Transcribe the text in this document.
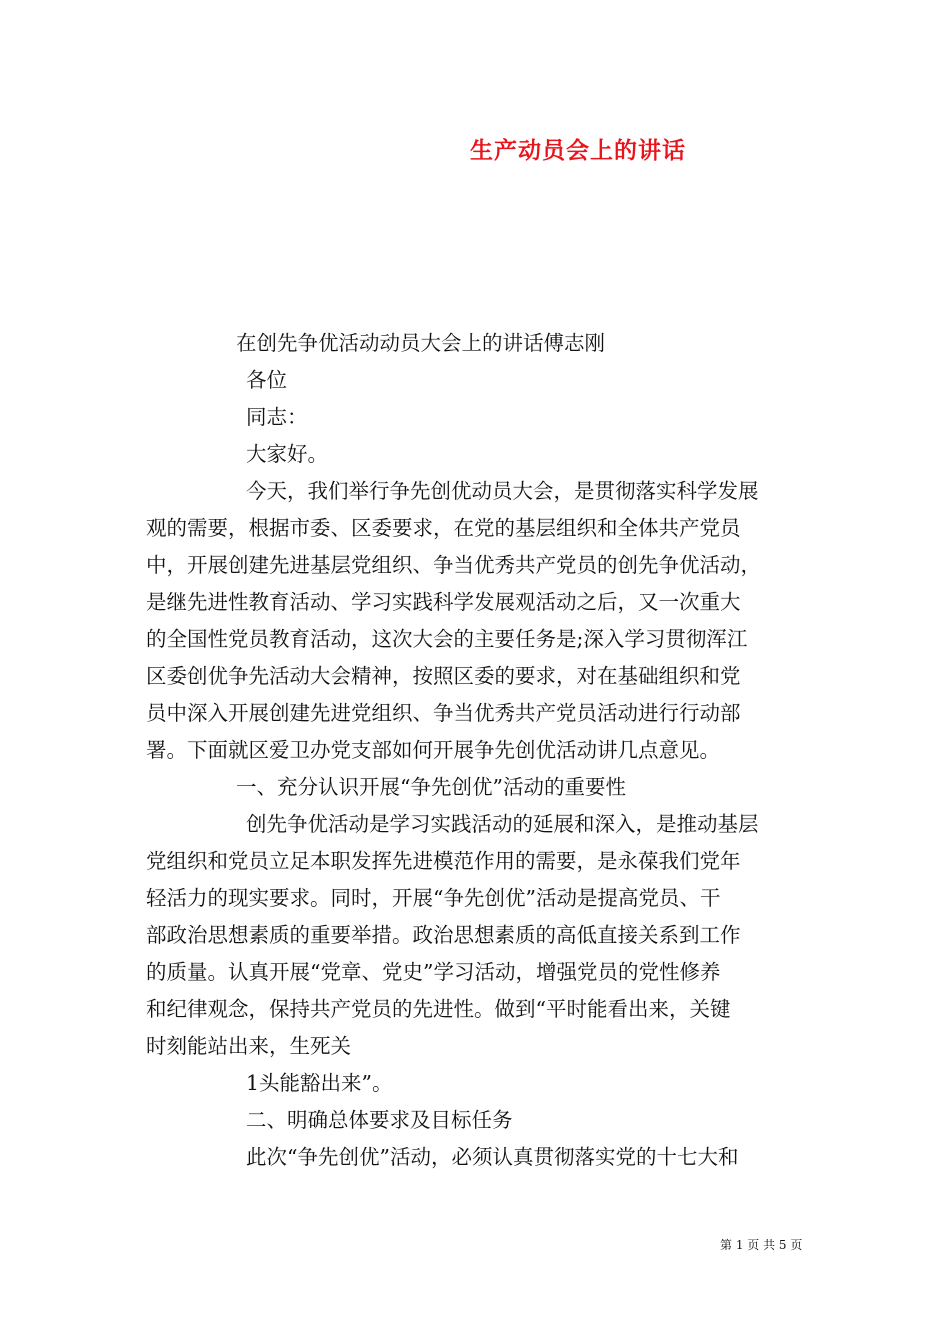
生产动员会上的讲话
在创先争优活动动员大会上的讲话傅志刚
各位
同志：
大家好。
今天，我们举行争先创优动员大会，是贯彻落实科学发展
观的需要，根据市委、区委要求，在党的基层组织和全体共产党员
中，开展创建先进基层党组织、争当优秀共产党员的创先争优活动，
是继先进性教育活动、学习实践科学发展观活动之后，又一次重大
的全国性党员教育活动，这次大会的主要任务是;深入学习贯彻浑江
区委创优争先活动大会精神，按照区委的要求，对在基础组织和党
员中深入开展创建先进党组织、争当优秀共产党员活动进行行动部
署。下面就区爱卫办党支部如何开展争先创优活动讲几点意见。
一、充分认识开展“争先创优”活动的重要性
创先争优活动是学习实践活动的延展和深入，是推动基层
党组织和党员立足本职发挥先进模范作用的需要，是永葆我们党年
轻活力的现实要求。同时，开展“争先创优”活动是提高党员、干
部政治思想素质的重要举措。政治思想素质的高低直接关系到工作
的质量。认真开展“党章、党史”学习活动，增强党员的党性修养
和纪律观念，保持共产党员的先进性。做到“平时能看出来，关键
时刻能站出来，生死关
1头能豁出来”。
二、明确总体要求及目标任务
此次“争先创优”活动，必须认真贯彻落实党的十七大和
第 1 页 共 5 页
